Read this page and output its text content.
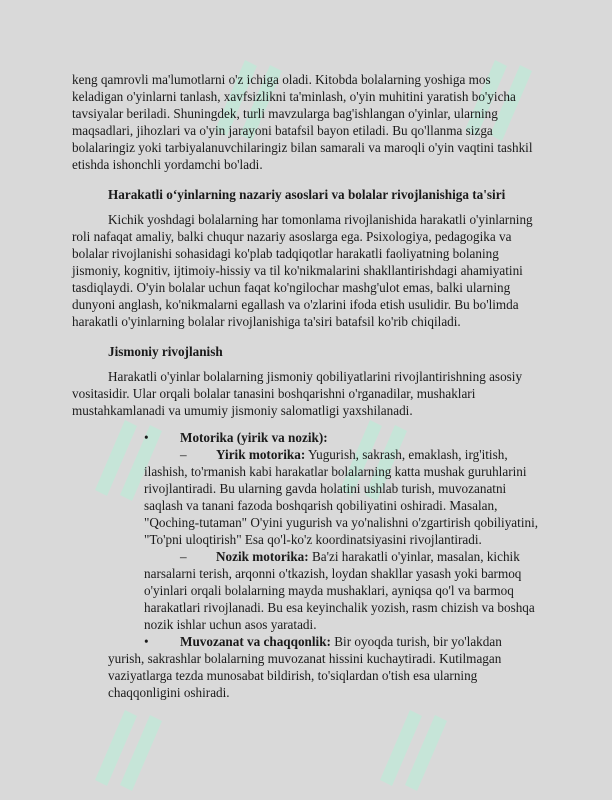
keng qamrovli ma'lumotlarni o'z ichiga oladi. Kitobda bolalarning yoshiga mos keladigan o'yinlarni tanlash, xavfsizlikni ta'minlash, o'yin muhitini yaratish bo'yicha tavsiyalar beriladi. Shuningdek, turli mavzularga bag'ishlangan o'yinlar, ularning maqsadlari, jihozlari va o'yin jarayoni batafsil bayon etiladi. Bu qo'llanma sizga bolalaringiz yoki tarbiyalanuvchilaringiz bilan samarali va maroqli o'yin vaqtini tashkil etishda ishonchli yordamchi bo'ladi.

Harakatli o‘yinlarning nazariy asoslari va bolalar rivojlanishiga ta'siri

Kichik yoshdagi bolalarning har tomonlama rivojlanishida harakatli o'yinlarning roli nafaqat amaliy, balki chuqur nazariy asoslarga ega. Psixologiya, pedagogika va bolalar rivojlanishi sohasidagi ko'plab tadqiqotlar harakatli faoliyatning bolaning jismoniy, kognitiv, ijtimoiy-hissiy va til ko'nikmalarini shakllantirishdagi ahamiyatini tasdiqlaydi. O'yin bolalar uchun faqat ko'ngilochar mashg'ulot emas, balki ularning dunyoni anglash, ko'nikmalarni egallash va o'zlarini ifoda etish usulidir. Bu bo'limda harakatli o'yinlarning bolalar rivojlanishiga ta'siri batafsil ko'rib chiqiladi.

Jismoniy rivojlanish

Harakatli o'yinlar bolalarning jismoniy qobiliyatlarini rivojlantirishning asosiy vositasidir. Ular orqali bolalar tanasini boshqarishni o'rganadilar, mushaklari mustahkamlanadi va umumiy jismoniy salomatligi yaxshilanadi.

• Motorika (yirik va nozik):

– Yirik motorika: Yugurish, sakrash, emaklash, irg'itish, ilashish, to'rmanish kabi harakatlar bolalarning katta mushak guruhlarini rivojlantiradi. Bu ularning gavda holatini ushlab turish, muvozanatni saqlash va tanani fazoda boshqarish qobiliyatini oshiradi. Masalan, "Qoching-tutaman" O'yini yugurish va yo'nalishni o'zgartirish qobiliyatini, "To'pni uloqtirish" Esa qo'l-ko'z koordinatsiyasini rivojlantiradi.

– Nozik motorika: Ba'zi harakatli o'yinlar, masalan, kichik narsalarni terish, arqonni o'tkazish, loydan shakllar yasash yoki barmoq o'yinlari orqali bolalarning mayda mushaklari, ayniqsa qo'l va barmoq harakatlari rivojlanadi. Bu esa keyinchalik yozish, rasm chizish va boshqa nozik ishlar uchun asos yaratadi.

• Muvozanat va chaqqonlik: Bir oyoqda turish, bir yo'lakdan yurish, sakrashlar bolalarning muvozanat hissini kuchaytiradi. Kutilmagan vaziyatlarga tezda munosabat bildirish, to'siqlardan o'tish esa ularning chaqqonligini oshiradi.
